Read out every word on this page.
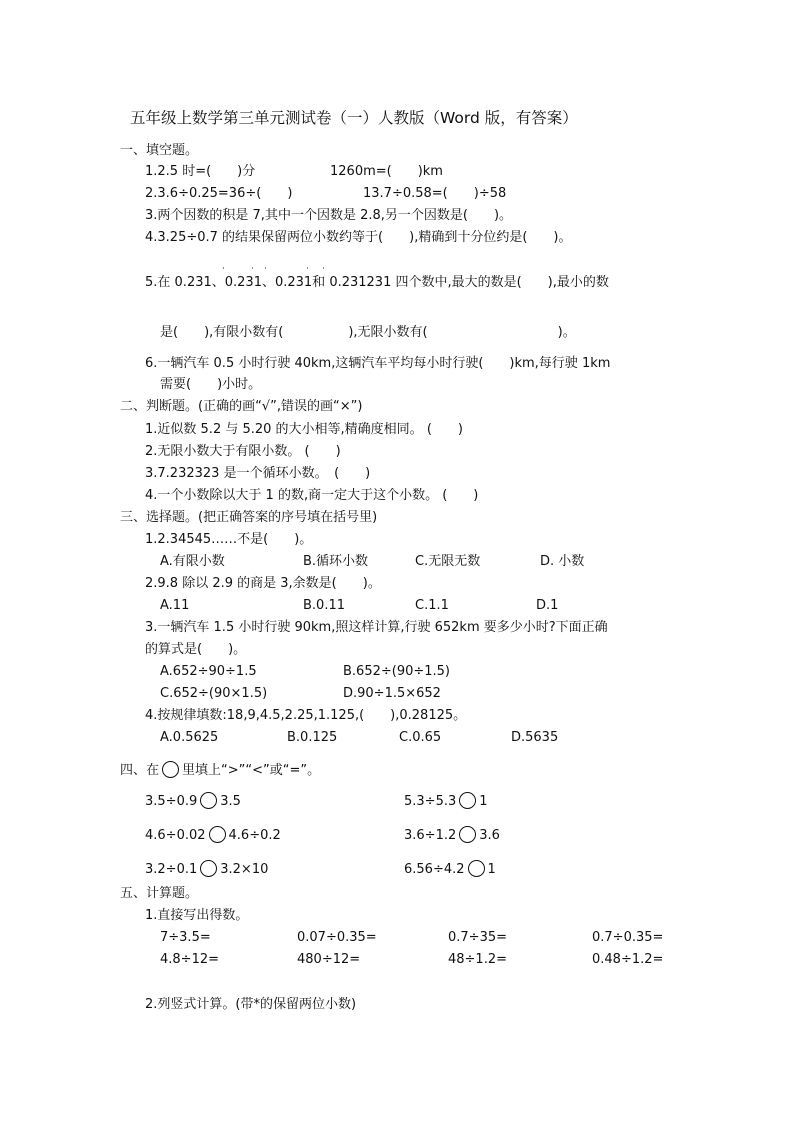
五年级上数学第三单元测试卷（一）人教版（Word 版，有答案）
一、填空题。
1.2.5 时=(　　)分	1260m=(　　)km
2.3.6÷0.25=36÷(　　)	13.7÷0.58=(　　)÷58
3.两个因数的积是 7,其中一个因数是 2.8,另一个因数是(　　)。
4.3.25÷0.7 的结果保留两位小数约等于(　　),精确到十分位约是(　　)。
·	· ·	· ·
5.在 0.231、0.231、0.231和 0.231231 四个数中,最大的数是(　　),最小的数
是(　　),有限小数有(　　　　　),无限小数有(　　　　　　　　　　)。
6.一辆汽车 0.5 小时行驶 40km,这辆汽车平均每小时行驶(　　)km,每行驶 1km
需要(　　)小时。
二、判断题。(正确的画“√”,错误的画“×”)
1.近似数 5.2 与 5.20 的大小相等,精确度相同。 (　　)
2.无限小数大于有限小数。 (　　)
3.7.232323 是一个循环小数。　(　　)
4.一个小数除以大于 1 的数,商一定大于这个小数。 (　　)
三、选择题。(把正确答案的序号填在括号里)
1.2.34545……不是(　　)。
A.有限小数	B.循环小数	C.无限无数	D. 小数
2.9.8 除以 2.9 的商是 3,余数是(　　)。
A.11	B.0.11	C.1.1	D.1
3.一辆汽车 1.5 小时行驶 90km,照这样计算,行驶 652km 要多少小时?下面正确
的算式是(　　)。
A.652÷90÷1.5	B.652÷(90÷1.5)
C.652÷(90×1.5)	D.90÷1.5×652
4.按规律填数:18,9,4.5,2.25,1.125,(　　),0.28125。
A.0.5625	B.0.125	C.0.65	D.5635
四、在 里填上“>”“<”或“=”。
3.5÷0.9 3.5	5.3÷5.3 1
4.6÷0.02 4.6÷0.2	3.6÷1.2 3.6
3.2÷0.1 3.2×10	6.56÷4.2 1
五、计算题。
1.直接写出得数。
7÷3.5=	0.07÷0.35=	0.7÷35=	0.7÷0.35=
4.8÷12=	480÷12=	48÷1.2=	0.48÷1.2=
2.列竖式计算。(带*的保留两位小数)
